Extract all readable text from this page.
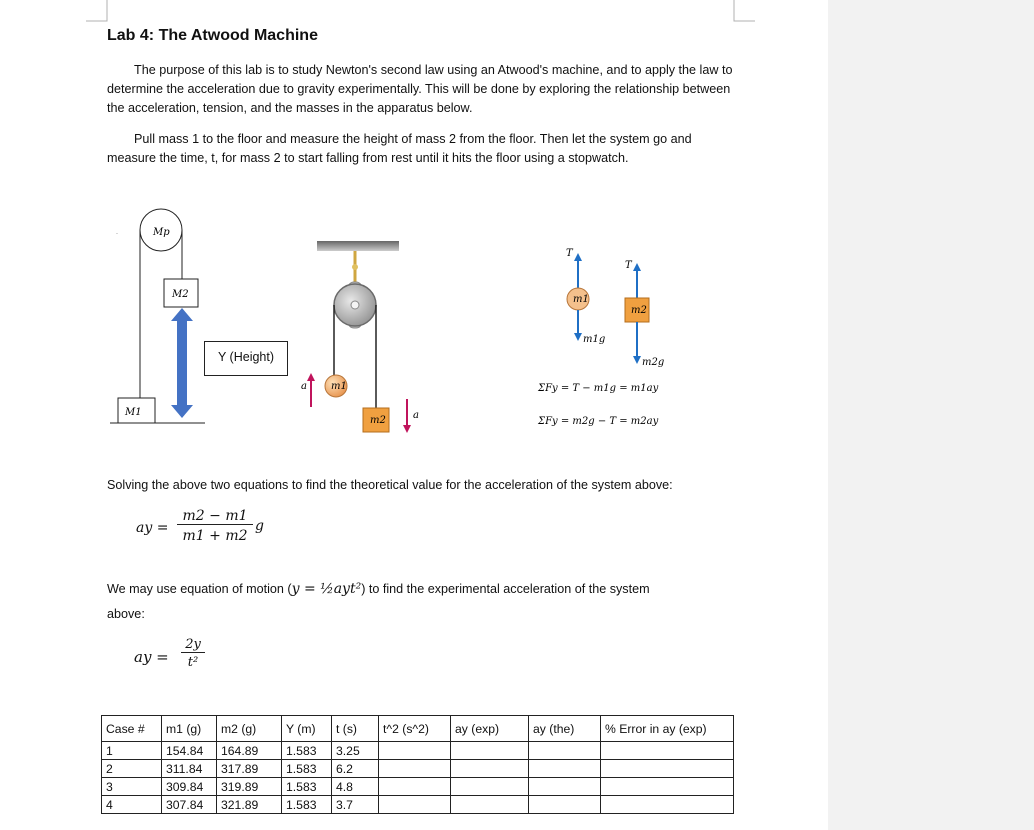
Lab 4: The Atwood Machine
The purpose of this lab is to study Newton's second law using an Atwood's machine, and to apply the law to determine the acceleration due to gravity experimentally. This will be done by exploring the relationship between the acceleration, tension, and the masses in the apparatus below.
Pull mass 1 to the floor and measure the height of mass 2 from the floor. Then let the system go and measure the time, t, for mass 2 to start falling from rest until it hits the floor using a stopwatch.
·	Mp
M2
M1
Y (Height)
m1
m2
a
a
T
m1
m1g
T
m2
m2g
ΣFy = T − m1g = m1ay
ΣFy = m2g − T = m2ay
Solving the above two equations to find the theoretical value for the acceleration of the system above:
ay =
m2 − m1
m1 + m2
g
We may use equation of motion (y = ½ayt²) to find the experimental acceleration of the system
above:
ay =
2y
t²
Case #	m1 (g)	m2 (g)	Y (m)	t (s)	t^2 (s^2)	ay (exp)	ay (the)	% Error in ay (exp)
1	154.84	164.89	1.583	3.25				
2	311.84	317.89	1.583	6.2				
3	309.84	319.89	1.583	4.8				
4	307.84	321.89	1.583	3.7				
